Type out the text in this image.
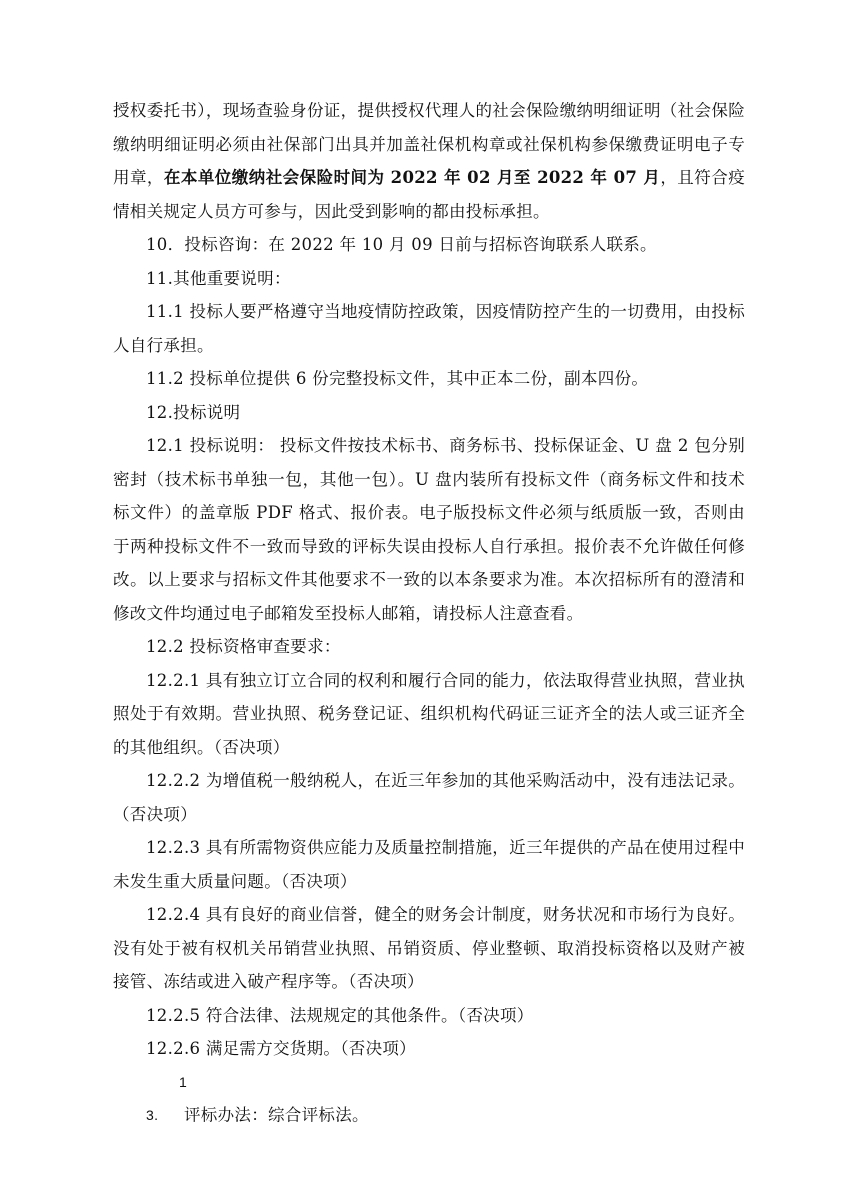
授权委托书），现场查验身份证，提供授权代理人的社会保险缴纳明细证明（社会保险缴纳明细证明必须由社保部门出具并加盖社保机构章或社保机构参保缴费证明电子专用章，在本单位缴纳社会保险时间为 2022 年 02 月至 2022 年 07 月，且符合疫情相关规定人员方可参与，因此受到影响的都由投标承担。

10．投标咨询：在 2022 年 10 月 09 日前与招标咨询联系人联系。

11.其他重要说明：

11.1 投标人要严格遵守当地疫情防控政策，因疫情防控产生的一切费用，由投标人自行承担。

11.2 投标单位提供 6 份完整投标文件，其中正本二份，副本四份。

12.投标说明

12.1 投标说明： 投标文件按技术标书、商务标书、投标保证金、U 盘 2 包分别密封（技术标书单独一包，其他一包）。U 盘内装所有投标文件（商务标文件和技术标文件）的盖章版 PDF 格式、报价表。电子版投标文件必须与纸质版一致，否则由于两种投标文件不一致而导致的评标失误由投标人自行承担。报价表不允许做任何修改。以上要求与招标文件其他要求不一致的以本条要求为准。本次招标所有的澄清和修改文件均通过电子邮箱发至投标人邮箱，请投标人注意查看。

12.2 投标资格审查要求：

12.2.1 具有独立订立合同的权利和履行合同的能力，依法取得营业执照，营业执照处于有效期。营业执照、税务登记证、组织机构代码证三证齐全的法人或三证齐全的其他组织。（否决项）

12.2.2 为增值税一般纳税人，在近三年参加的其他采购活动中，没有违法记录。（否决项）

12.2.3 具有所需物资供应能力及质量控制措施，近三年提供的产品在使用过程中未发生重大质量问题。（否决项）

12.2.4 具有良好的商业信誉，健全的财务会计制度，财务状况和市场行为良好。没有处于被有权机关吊销营业执照、吊销资质、停业整顿、取消投标资格以及财产被接管、冻结或进入破产程序等。（否决项）

12.2.5 符合法律、法规规定的其他条件。（否决项）

12.2.6 满足需方交货期。（否决项）

13. 评标办法：综合评标法。
